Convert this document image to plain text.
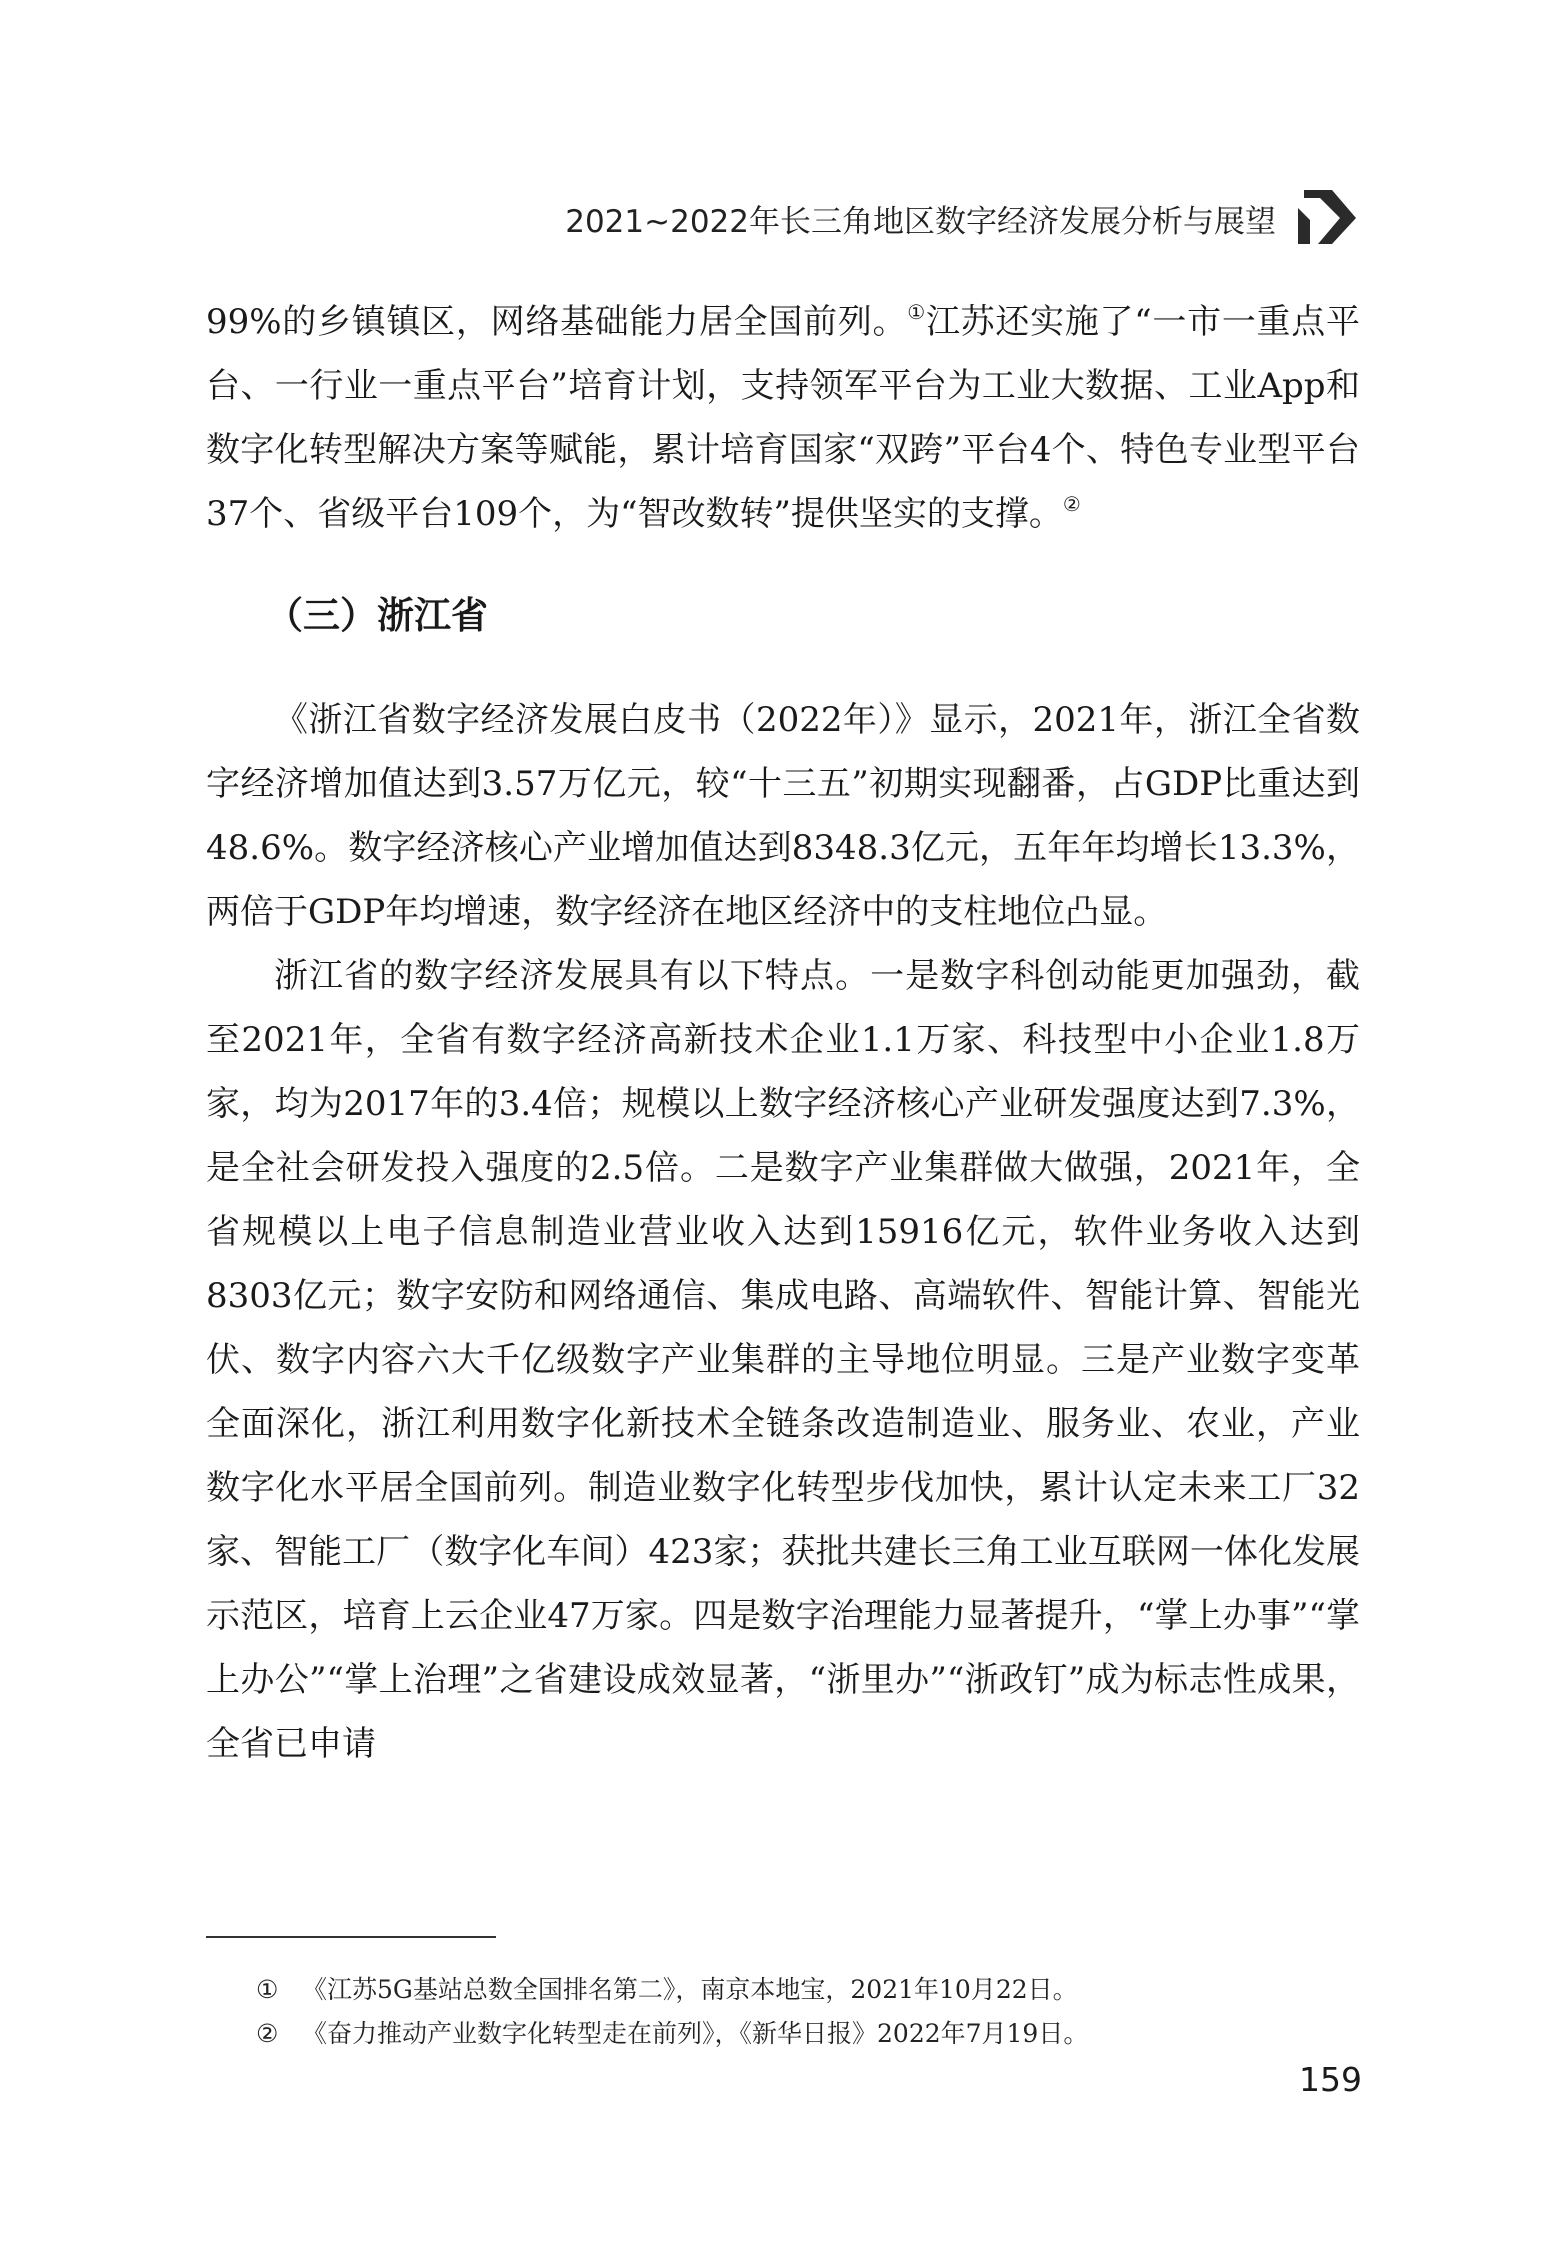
2021~2022年长三角地区数字经济发展分析与展望

99%的乡镇镇区，网络基础能力居全国前列。①江苏还实施了“一市一重点平台、一行业一重点平台”培育计划，支持领军平台为工业大数据、工业App和数字化转型解决方案等赋能，累计培育国家“双跨”平台4个、特色专业型平台37个、省级平台109个，为“智改数转”提供坚实的支撑。②

（三）浙江省

《浙江省数字经济发展白皮书（2022年）》显示，2021年，浙江全省数字经济增加值达到3.57万亿元，较“十三五”初期实现翻番，占GDP比重达到48.6%。数字经济核心产业增加值达到8348.3亿元，五年年均增长13.3%，两倍于GDP年均增速，数字经济在地区经济中的支柱地位凸显。

浙江省的数字经济发展具有以下特点。一是数字科创动能更加强劲，截至2021年，全省有数字经济高新技术企业1.1万家、科技型中小企业1.8万家，均为2017年的3.4倍；规模以上数字经济核心产业研发强度达到7.3%，是全社会研发投入强度的2.5倍。二是数字产业集群做大做强，2021年，全省规模以上电子信息制造业营业收入达到15916亿元，软件业务收入达到8303亿元；数字安防和网络通信、集成电路、高端软件、智能计算、智能光伏、数字内容六大千亿级数字产业集群的主导地位明显。三是产业数字变革全面深化，浙江利用数字化新技术全链条改造制造业、服务业、农业，产业数字化水平居全国前列。制造业数字化转型步伐加快，累计认定未来工厂32家、智能工厂（数字化车间）423家；获批共建长三角工业互联网一体化发展示范区，培育上云企业47万家。四是数字治理能力显著提升，“掌上办事”“掌上办公”“掌上治理”之省建设成效显著，“浙里办”“浙政钉”成为标志性成果，全省已申请

① 《江苏5G基站总数全国排名第二》，南京本地宝，2021年10月22日。

② 《奋力推动产业数字化转型走在前列》，《新华日报》2022年7月19日。

159
